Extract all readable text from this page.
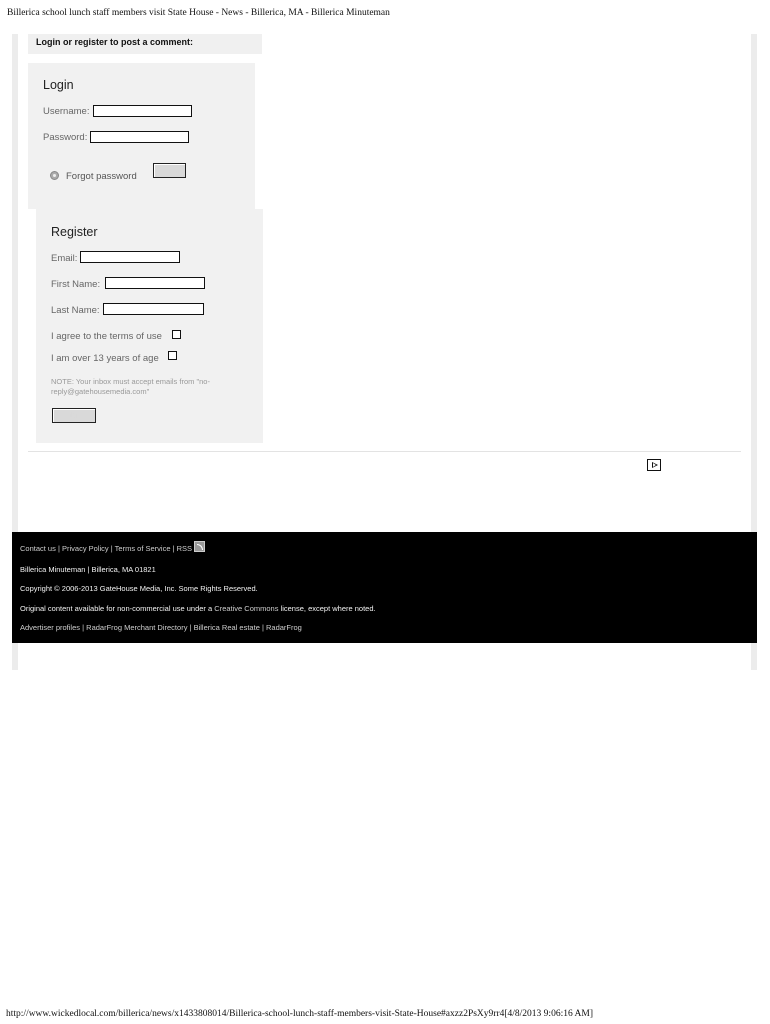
Billerica school lunch staff members visit State House - News - Billerica, MA - Billerica Minuteman
Login or register to post a comment:
Login
Username:
Password:
Forgot password
Login
Register
Email:
First Name:
Last Name:
I agree to the terms of use
I am over 13 years of age
NOTE: Your inbox must accept emails from "no-reply@gatehousemedia.com"
Submit
Contact us | Privacy Policy | Terms of Service | RSS
Billerica Minuteman | Billerica, MA 01821
Copyright © 2006-2013 GateHouse Media, Inc. Some Rights Reserved.
Original content available for non-commercial use under a Creative Commons license, except where noted.
Advertiser profiles | RadarFrog Merchant Directory | Billerica Real estate | RadarFrog
http://www.wickedlocal.com/billerica/news/x1433808014/Billerica-school-lunch-staff-members-visit-State-House#axzz2PsXy9rr4[4/8/2013 9:06:16 AM]
